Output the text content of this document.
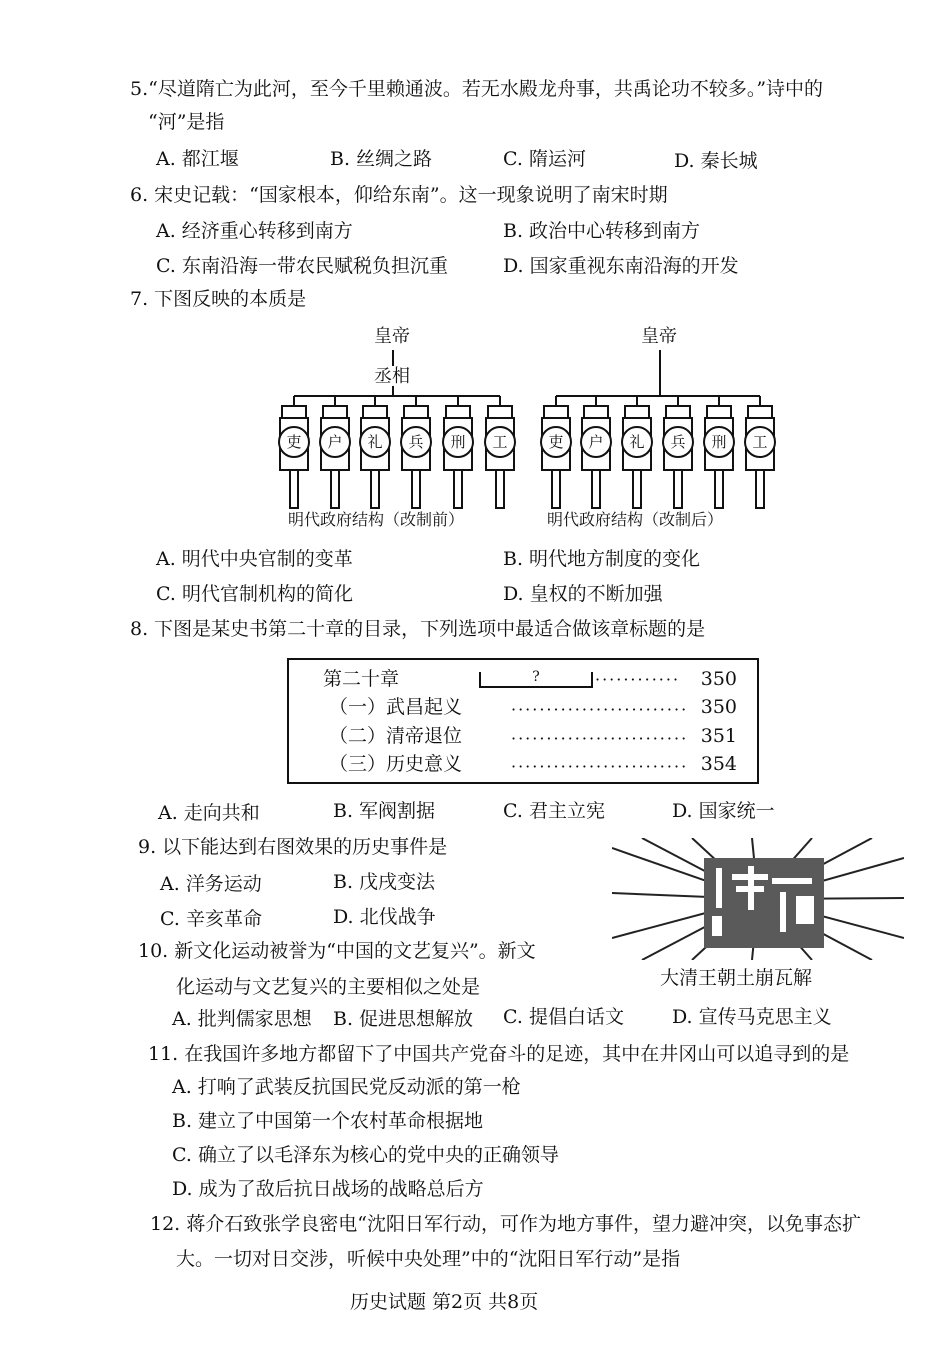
5.“尽道隋亡为此河，至今千里赖通波。若无水殿龙舟事，共禹论功不较多。”诗中的
“河”是指
A. 都江堰	B. 丝绸之路	C. 隋运河	D. 秦长城
6. 宋史记载：“国家根本，仰给东南”。这一现象说明了南宋时期
A. 经济重心转移到南方	B. 政治中心转移到南方
C. 东南沿海一带农民赋税负担沉重	D. 国家重视东南沿海的开发
7. 下图反映的本质是
皇帝
丞相
皇帝
吏	户	礼	兵	刑	工	吏	户	礼	兵	刑	工
明代政府结构（改制前）	明代政府结构（改制后）
A. 明代中央官制的变革	B. 明代地方制度的变化
C. 明代官制机构的简化	D. 皇权的不断加强
8. 下图是某史书第二十章的目录，下列选项中最适合做该章标题的是
第二十章	?	············ 350
（一）武昌起义	························· 350
（二）清帝退位	························· 351
（三）历史意义	························· 354
A. 走向共和	B. 军阀割据	C. 君主立宪	D. 国家统一
9. 以下能达到右图效果的历史事件是
A. 洋务运动	B. 戊戌变法
C. 辛亥革命	D. 北伐战争
大清王朝土崩瓦解
10. 新文化运动被誉为“中国的文艺复兴”。新文
化运动与文艺复兴的主要相似之处是
A. 批判儒家思想 B. 促进思想解放 C. 提倡白话文	D. 宣传马克思主义
11. 在我国许多地方都留下了中国共产党奋斗的足迹，其中在井冈山可以追寻到的是
A. 打响了武装反抗国民党反动派的第一枪
B. 建立了中国第一个农村革命根据地
C. 确立了以毛泽东为核心的党中央的正确领导
D. 成为了敌后抗日战场的战略总后方
12. 蒋介石致张学良密电“沈阳日军行动，可作为地方事件，望力避冲突，以免事态扩
大。一切对日交涉，听候中央处理”中的“沈阳日军行动”是指
历史试题 第2页 共8页
